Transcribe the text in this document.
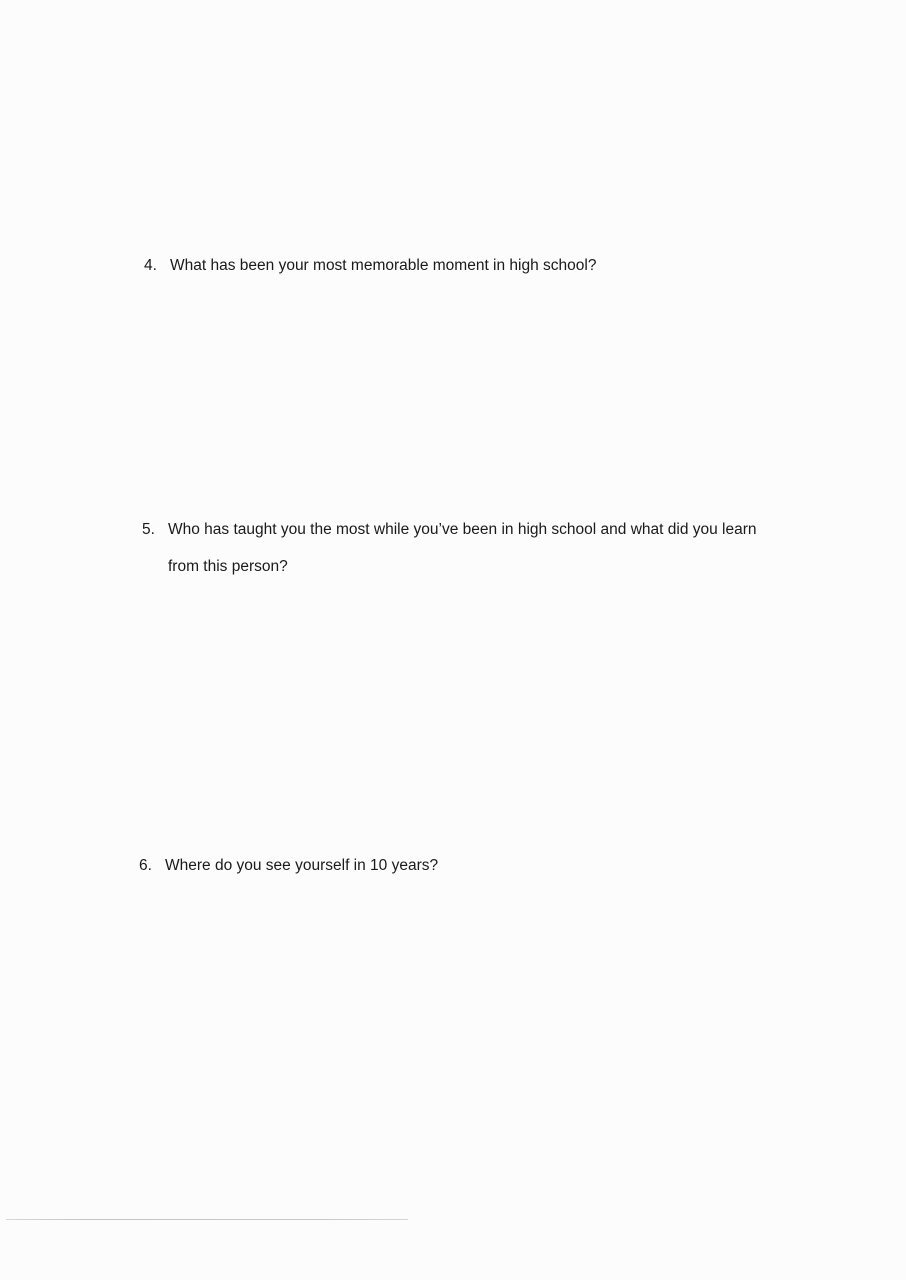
4. What has been your most memorable moment in high school?
5. Who has taught you the most while you’ve been in high school and what did you learn
from this person?
6. Where do you see yourself in 10 years?
